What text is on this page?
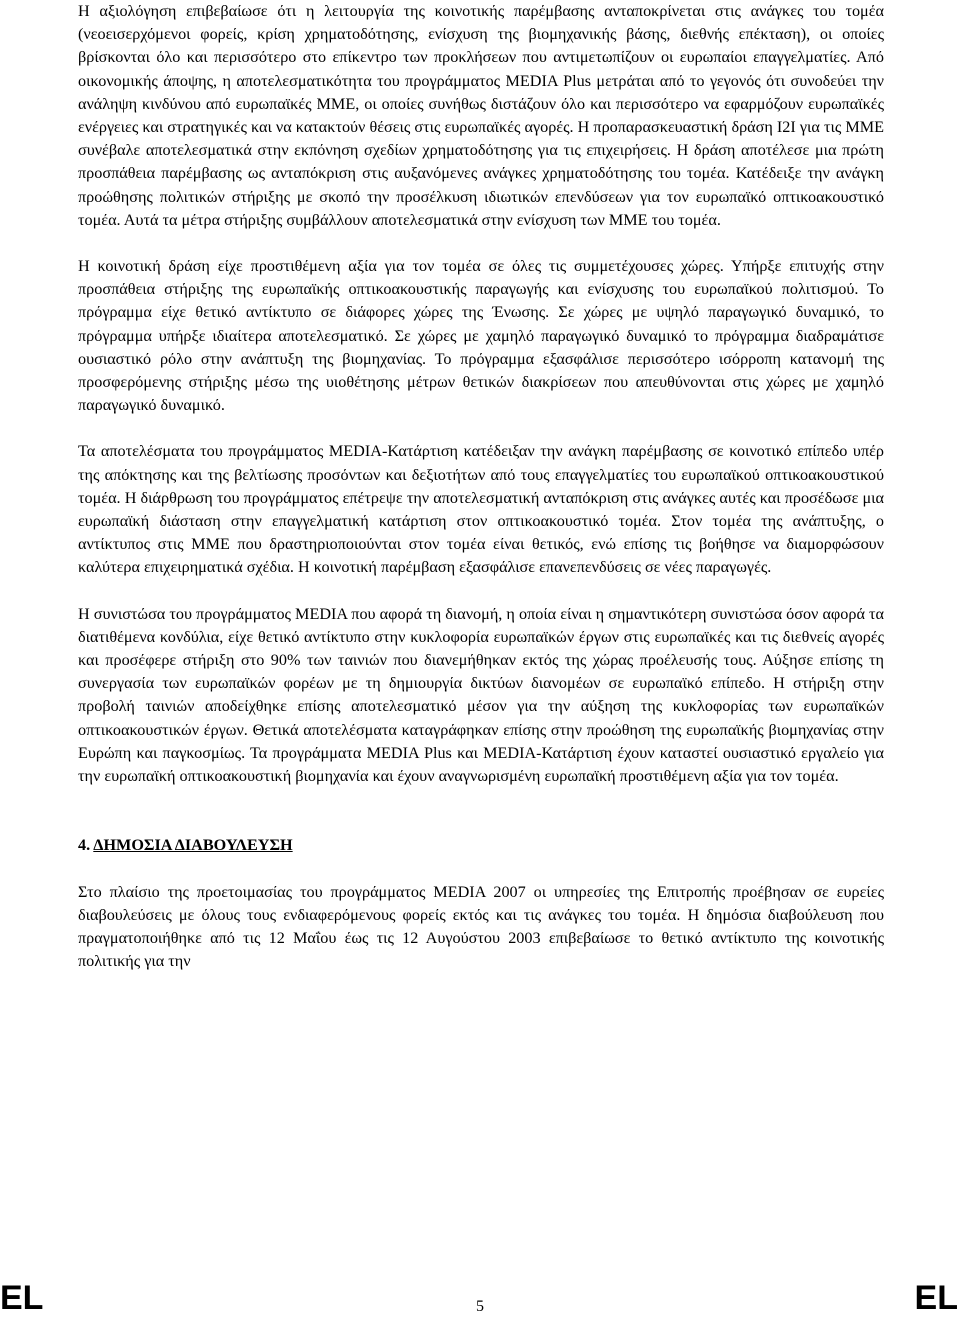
Η αξιολόγηση επιβεβαίωσε ότι η λειτουργία της κοινοτικής παρέμβασης ανταποκρίνεται στις ανάγκες του τομέα (νεοεισερχόμενοι φορείς, κρίση χρηματοδότησης, ενίσχυση της βιομηχανικής βάσης, διεθνής επέκταση), οι οποίες βρίσκονται όλο και περισσότερο στο επίκεντρο των προκλήσεων που αντιμετωπίζουν οι ευρωπαίοι επαγγελματίες. Από οικονομικής άποψης, η αποτελεσματικότητα του προγράμματος MEDIA Plus μετράται από το γεγονός ότι συνοδεύει την ανάληψη κινδύνου από ευρωπαϊκές ΜΜΕ, οι οποίες συνήθως διστάζουν όλο και περισσότερο να εφαρμόζουν ευρωπαϊκές ενέργειες και στρατηγικές και να κατακτούν θέσεις στις ευρωπαϊκές αγορές. Η προπαρασκευαστική δράση I2I για τις ΜΜΕ συνέβαλε αποτελεσματικά στην εκπόνηση σχεδίων χρηματοδότησης για τις επιχειρήσεις. Η δράση αποτέλεσε μια πρώτη προσπάθεια παρέμβασης ως ανταπόκριση στις αυξανόμενες ανάγκες χρηματοδότησης του τομέα. Κατέδειξε την ανάγκη προώθησης πολιτικών στήριξης με σκοπό την προσέλκυση ιδιωτικών επενδύσεων για τον ευρωπαϊκό οπτικοακουστικό τομέα. Αυτά τα μέτρα στήριξης συμβάλλουν αποτελεσματικά στην ενίσχυση των ΜΜΕ του τομέα.

Η κοινοτική δράση είχε προστιθέμενη αξία για τον τομέα σε όλες τις συμμετέχουσες χώρες. Υπήρξε επιτυχής στην προσπάθεια στήριξης της ευρωπαϊκής οπτικοακουστικής παραγωγής και ενίσχυσης του ευρωπαϊκού πολιτισμού. Το πρόγραμμα είχε θετικό αντίκτυπο σε διάφορες χώρες της Ένωσης. Σε χώρες με υψηλό παραγωγικό δυναμικό, το πρόγραμμα υπήρξε ιδιαίτερα αποτελεσματικό. Σε χώρες με χαμηλό παραγωγικό δυναμικό το πρόγραμμα διαδραμάτισε ουσιαστικό ρόλο στην ανάπτυξη της βιομηχανίας. Το πρόγραμμα εξασφάλισε περισσότερο ισόρροπη κατανομή της προσφερόμενης στήριξης μέσω της υιοθέτησης μέτρων θετικών διακρίσεων που απευθύνονται στις χώρες με χαμηλό παραγωγικό δυναμικό.

Τα αποτελέσματα του προγράμματος MEDIA-Κατάρτιση κατέδειξαν την ανάγκη παρέμβασης σε κοινοτικό επίπεδο υπέρ της απόκτησης και της βελτίωσης προσόντων και δεξιοτήτων από τους επαγγελματίες του ευρωπαϊκού οπτικοακουστικού τομέα. Η διάρθρωση του προγράμματος επέτρεψε την αποτελεσματική ανταπόκριση στις ανάγκες αυτές και προσέδωσε μια ευρωπαϊκή διάσταση στην επαγγελματική κατάρτιση στον οπτικοακουστικό τομέα. Στον τομέα της ανάπτυξης, ο αντίκτυπος στις ΜΜΕ που δραστηριοποιούνται στον τομέα είναι θετικός, ενώ επίσης τις βοήθησε να διαμορφώσουν καλύτερα επιχειρηματικά σχέδια. Η κοινοτική παρέμβαση εξασφάλισε επανεπενδύσεις σε νέες παραγωγές.

Η συνιστώσα του προγράμματος MEDIA που αφορά τη διανομή, η οποία είναι η σημαντικότερη συνιστώσα όσον αφορά τα διατιθέμενα κονδύλια, είχε θετικό αντίκτυπο στην κυκλοφορία ευρωπαϊκών έργων στις ευρωπαϊκές και τις διεθνείς αγορές και προσέφερε στήριξη στο 90% των ταινιών που διανεμήθηκαν εκτός της χώρας προέλευσής τους. Αύξησε επίσης τη συνεργασία των ευρωπαϊκών φορέων με τη δημιουργία δικτύων διανομέων σε ευρωπαϊκό επίπεδο. Η στήριξη στην προβολή ταινιών αποδείχθηκε επίσης αποτελεσματικό μέσον για την αύξηση της κυκλοφορίας των ευρωπαϊκών οπτικοακουστικών έργων. Θετικά αποτελέσματα καταγράφηκαν επίσης στην προώθηση της ευρωπαϊκής βιομηχανίας στην Ευρώπη και παγκοσμίως. Τα προγράμματα MEDIA Plus και MEDIA-Κατάρτιση έχουν καταστεί ουσιαστικό εργαλείο για την ευρωπαϊκή οπτικοακουστική βιομηχανία και έχουν αναγνωρισμένη ευρωπαϊκή προστιθέμενη αξία για τον τομέα.

4. ΔΗΜΟΣΙΑ ΔΙΑΒΟΥΛΕΥΣΗ

Στο πλαίσιο της προετοιμασίας του προγράμματος MEDIA 2007 οι υπηρεσίες της Επιτροπής προέβησαν σε ευρείες διαβουλεύσεις με όλους τους ενδιαφερόμενους φορείς εκτός και τις ανάγκες του τομέα. Η δημόσια διαβούλευση που πραγματοποιήθηκε από τις 12 Μαΐου έως τις 12 Αυγούστου 2003 επιβεβαίωσε το θετικό αντίκτυπο της κοινοτικής πολιτικής για την

EL	5	EL
